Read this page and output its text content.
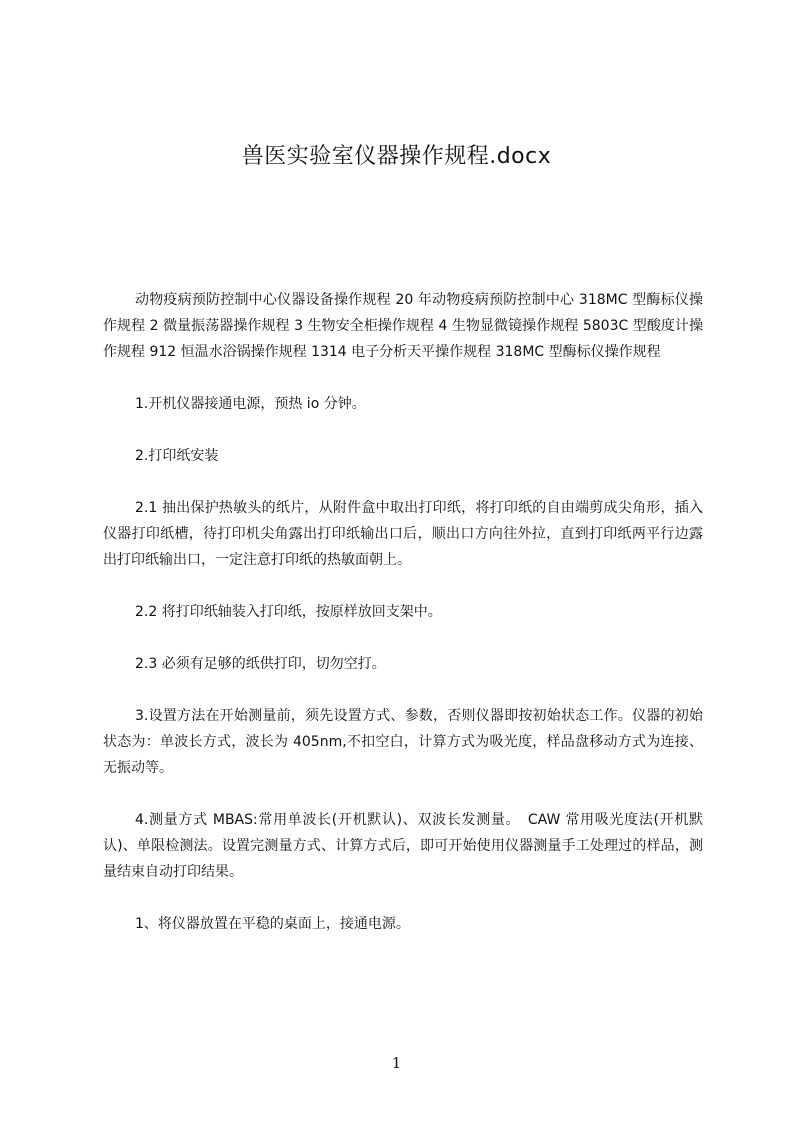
兽医实验室仪器操作规程.docx

动物疫病预防控制中心仪器设备操作规程 20 年动物疫病预防控制中心 318MC 型酶标仪操作规程 2 微量振荡器操作规程 3 生物安全柜操作规程 4 生物显微镜操作规程 5803C 型酸度计操作规程 912 恒温水浴锅操作规程 1314 电子分析天平操作规程 318MC 型酶标仪操作规程

1.开机仪器接通电源，预热 io 分钟。

2.打印纸安装

2.1 抽出保护热敏头的纸片，从附件盒中取出打印纸，将打印纸的自由端剪成尖角形，插入仪器打印纸槽，待打印机尖角露出打印纸输出口后，顺出口方向往外拉，直到打印纸两平行边露出打印纸输出口，一定注意打印纸的热敏面朝上。

2.2 将打印纸轴装入打印纸，按原样放回支架中。

2.3 必须有足够的纸供打印，切勿空打。

3.设置方法在开始测量前，须先设置方式、参数，否则仪器即按初始状态工作。仪器的初始状态为：单波长方式，波长为 405nm,不扣空白，计算方式为吸光度，样品盘移动方式为连接、无振动等。

4.测量方式 MBAS:常用单波长(开机默认)、双波长发测量。　CAW 常用吸光度法(开机默认)、单限检测法。设置完测量方式、计算方式后，即可开始使用仪器测量手工处理过的样品，测量结束自动打印结果。

1、将仪器放置在平稳的桌面上，接通电源。

1
